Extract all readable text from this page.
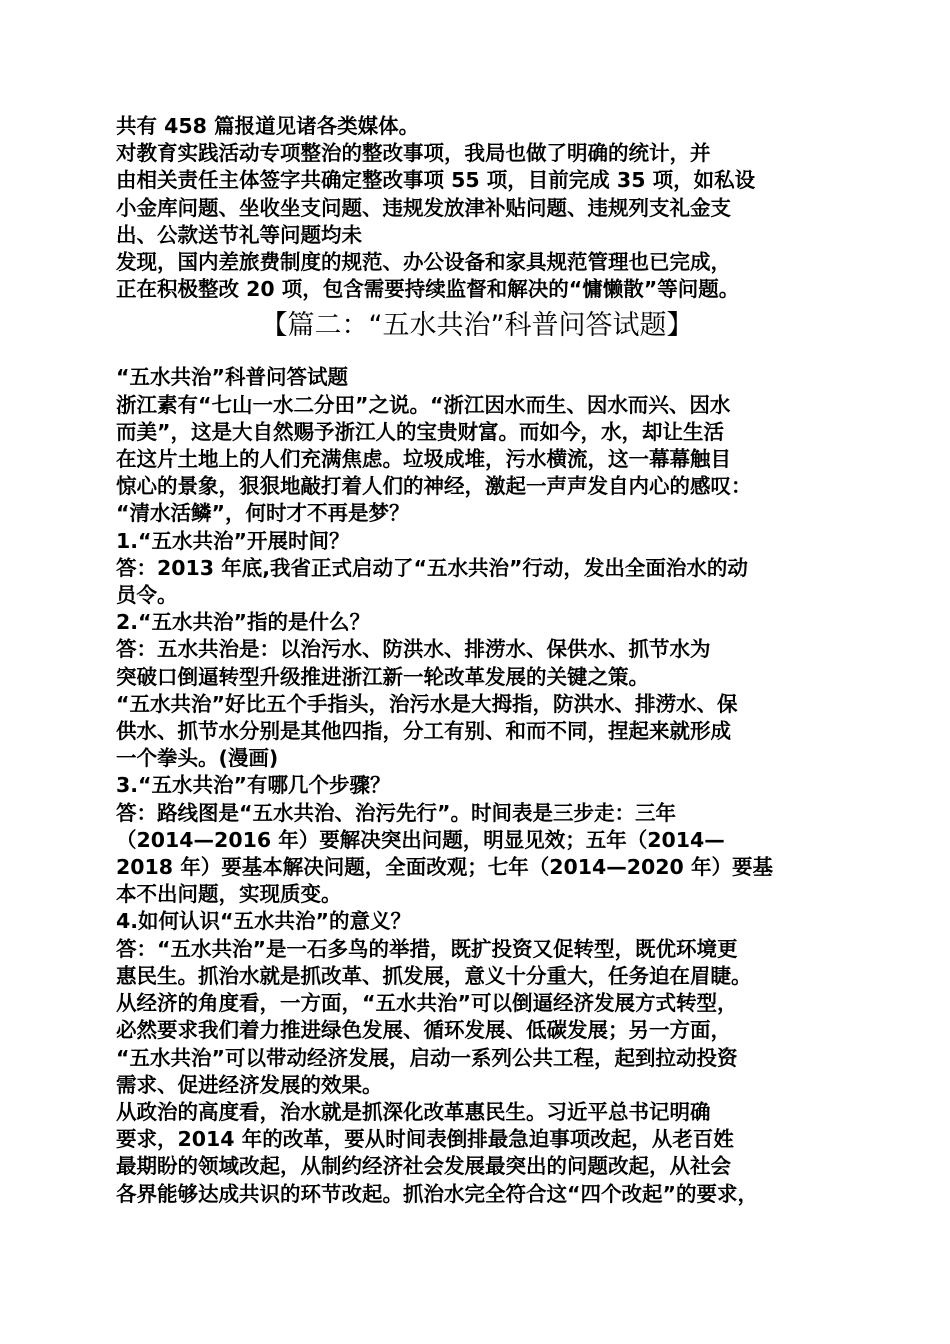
共有 458 篇报道见诸各类媒体。
对教育实践活动专项整治的整改事项，我局也做了明确的统计，并
由相关责任主体签字共确定整改事项 55 项，目前完成 35 项，如私设
小金库问题、坐收坐支问题、违规发放津补贴问题、违规列支礼金支
出、公款送节礼等问题均未
发现，国内差旅费制度的规范、办公设备和家具规范管理也已完成，
正在积极整改 20 项，包含需要持续监督和解决的“慵懒散”等问题。
【篇二：“五水共治”科普问答试题】
“五水共治”科普问答试题
浙江素有“七山一水二分田”之说。“浙江因水而生、因水而兴、因水
而美”，这是大自然赐予浙江人的宝贵财富。而如今，水，却让生活
在这片土地上的人们充满焦虑。垃圾成堆，污水横流，这一幕幕触目
惊心的景象，狠狠地敲打着人们的神经，激起一声声发自内心的感叹：
“清水活鳞”，何时才不再是梦？
1.“五水共治”开展时间？
答：2013 年底,我省正式启动了“五水共治”行动，发出全面治水的动
员令。
2.“五水共治”指的是什么？
答：五水共治是：以治污水、防洪水、排涝水、保供水、抓节水为
突破口倒逼转型升级推进浙江新一轮改革发展的关键之策。
“五水共治”好比五个手指头，治污水是大拇指，防洪水、排涝水、保
供水、抓节水分别是其他四指，分工有别、和而不同，捏起来就形成
一个拳头。(漫画)
3.“五水共治”有哪几个步骤？
答：路线图是“五水共治、治污先行”。时间表是三步走：三年
（2014—2016 年）要解决突出问题，明显见效；五年（2014—
2018 年）要基本解决问题，全面改观；七年（2014—2020 年）要基
本不出问题，实现质变。
4.如何认识“五水共治”的意义？
答：“五水共治”是一石多鸟的举措，既扩投资又促转型，既优环境更
惠民生。抓治水就是抓改革、抓发展，意义十分重大，任务迫在眉睫。
从经济的角度看，一方面，“五水共治”可以倒逼经济发展方式转型，
必然要求我们着力推进绿色发展、循环发展、低碳发展；另一方面，
“五水共治”可以带动经济发展，启动一系列公共工程，起到拉动投资
需求、促进经济发展的效果。
从政治的高度看，治水就是抓深化改革惠民生。习近平总书记明确
要求，2014 年的改革，要从时间表倒排最急迫事项改起，从老百姓
最期盼的领域改起，从制约经济社会发展最突出的问题改起，从社会
各界能够达成共识的环节改起。抓治水完全符合这“四个改起”的要求，
